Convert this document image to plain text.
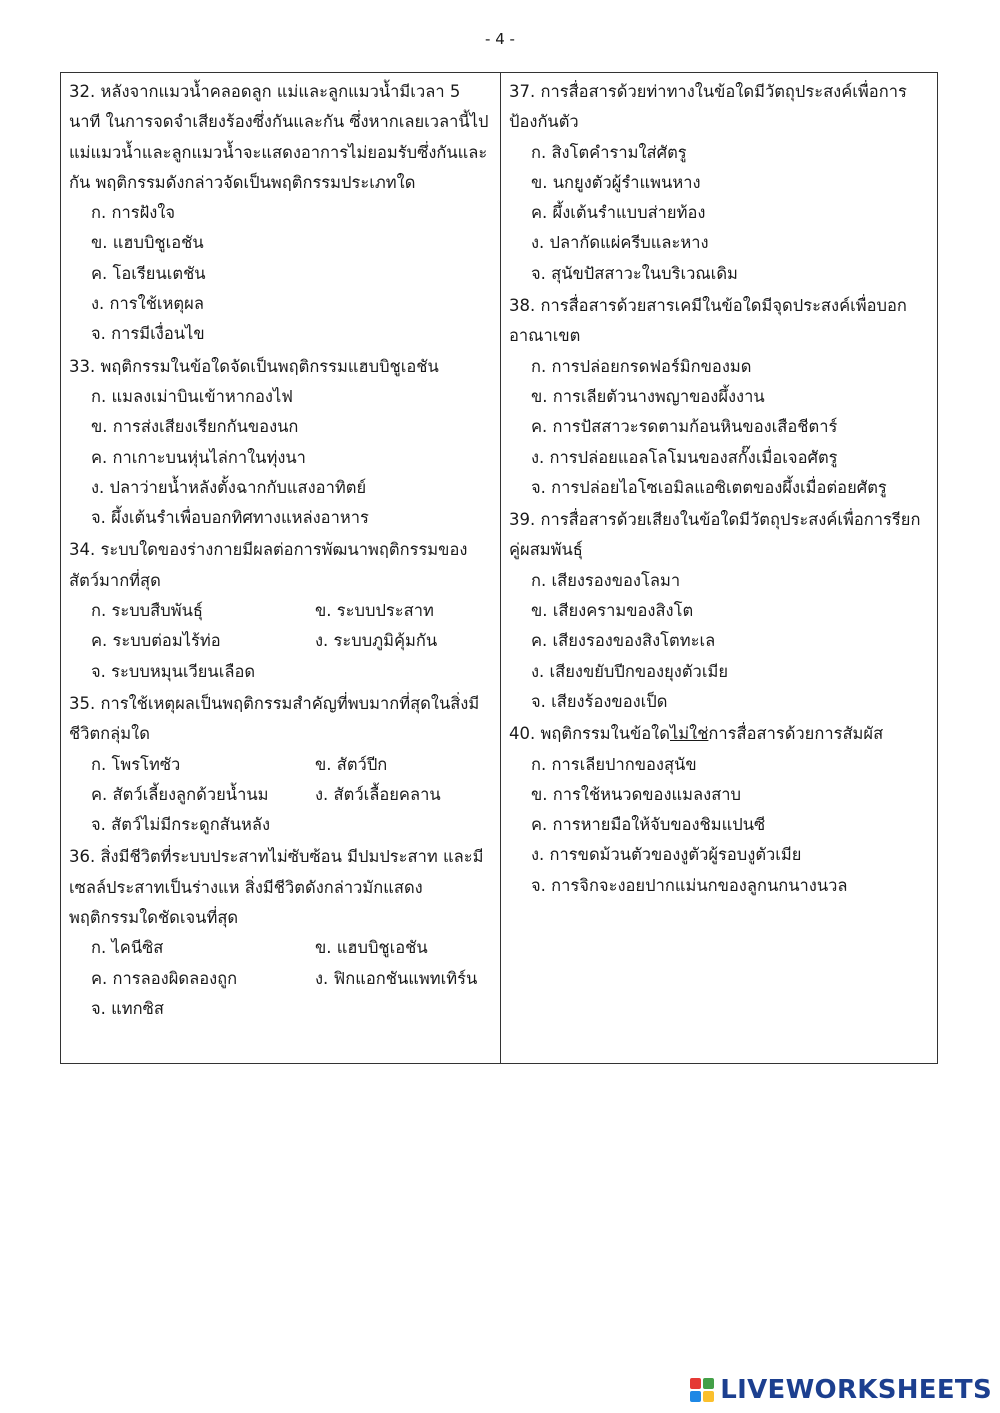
- 4 -

32. หลังจากแมวน้ำคลอดลูก แม่และลูกแมวน้ำมีเวลา 5 นาที ในการจดจำเสียงร้องซึ่งกันและกัน ซึ่งหากเลยเวลานี้ไป แม่แมวน้ำและลูกแมวน้ำจะแสดงอาการไม่ยอมรับซึ่งกันและกัน พฤติกรรมดังกล่าวจัดเป็นพฤติกรรมประเภทใด

ก. การฝังใจ
ข. แฮบบิชูเอชัน
ค. โอเรียนเตชัน
ง. การใช้เหตุผล
จ. การมีเงื่อนไข

33. พฤติกรรมในข้อใดจัดเป็นพฤติกรรมแฮบบิชูเอชัน

ก. แมลงเม่าบินเข้าหากองไฟ
ข. การส่งเสียงเรียกกันของนก
ค. กาเกาะบนหุ่นไล่กาในทุ่งนา
ง. ปลาว่ายน้ำหลังตั้งฉากกับแสงอาทิตย์
จ. ผึ้งเต้นรำเพื่อบอกทิศทางแหล่งอาหาร

34. ระบบใดของร่างกายมีผลต่อการพัฒนาพฤติกรรมของสัตว์มากที่สุด

ก. ระบบสืบพันธุ์	ข. ระบบประสาท
ค. ระบบต่อมไร้ท่อ	ง. ระบบภูมิคุ้มกัน
จ. ระบบหมุนเวียนเลือด

35. การใช้เหตุผลเป็นพฤติกรรมสำคัญที่พบมากที่สุดในสิ่งมีชีวิตกลุ่มใด

ก. โพรโทซัว	ข. สัตว์ปีก
ค. สัตว์เลี้ยงลูกด้วยน้ำนม	ง. สัตว์เลื้อยคลาน
จ. สัตว์ไม่มีกระดูกสันหลัง

36. สิ่งมีชีวิตที่ระบบประสาทไม่ซับซ้อน มีปมประสาท และมีเซลล์ประสาทเป็นร่างแห สิ่งมีชีวิตดังกล่าวมักแสดงพฤติกรรมใดชัดเจนที่สุด

ก. ไคนีซิส	ข. แฮบบิชูเอชัน
ค. การลองผิดลองถูก	ง. ฟิกแอกชันแพทเทิร์น
จ. แทกซิส

37. การสื่อสารด้วยท่าทางในข้อใดมีวัตถุประสงค์เพื่อการป้องกันตัว

ก. สิงโตคำรามใส่ศัตรู
ข. นกยูงตัวผู้รำแพนหาง
ค. ผึ้งเต้นรำแบบส่ายท้อง
ง. ปลากัดแผ่ครีบและหาง
จ. สุนัขปัสสาวะในบริเวณเดิม

38. การสื่อสารด้วยสารเคมีในข้อใดมีจุดประสงค์เพื่อบอกอาณาเขต

ก. การปล่อยกรดฟอร์มิกของมด
ข. การเลียตัวนางพญาของผึ้งงาน
ค. การปัสสาวะรดตามก้อนหินของเสือชีตาร์
ง. การปล่อยแอลโลโมนของสกั๊งเมื่อเจอศัตรู
จ. การปล่อยไอโซเอมิลแอซิเตตของผึ้งเมื่อต่อยศัตรู

39. การสื่อสารด้วยเสียงในข้อใดมีวัตถุประสงค์เพื่อการรียกคู่ผสมพันธุ์

ก. เสียงรองของโลมา
ข. เสียงครามของสิงโต
ค. เสียงรองของสิงโตทะเล
ง. เสียงขยับปีกของยุงตัวเมีย
จ. เสียงร้องของเป็ด

40. พฤติกรรมในข้อใดไม่ใช่การสื่อสารด้วยการสัมผัส

ก. การเลียปากของสุนัข
ข. การใช้หนวดของแมลงสาบ
ค. การหายมือให้จับของชิมแปนซี
ง. การขดม้วนตัวของงูตัวผู้รอบงูตัวเมีย
จ. การจิกจะงอยปากแม่นกของลูกนกนางนวล
LIVEWORKSHEETS
